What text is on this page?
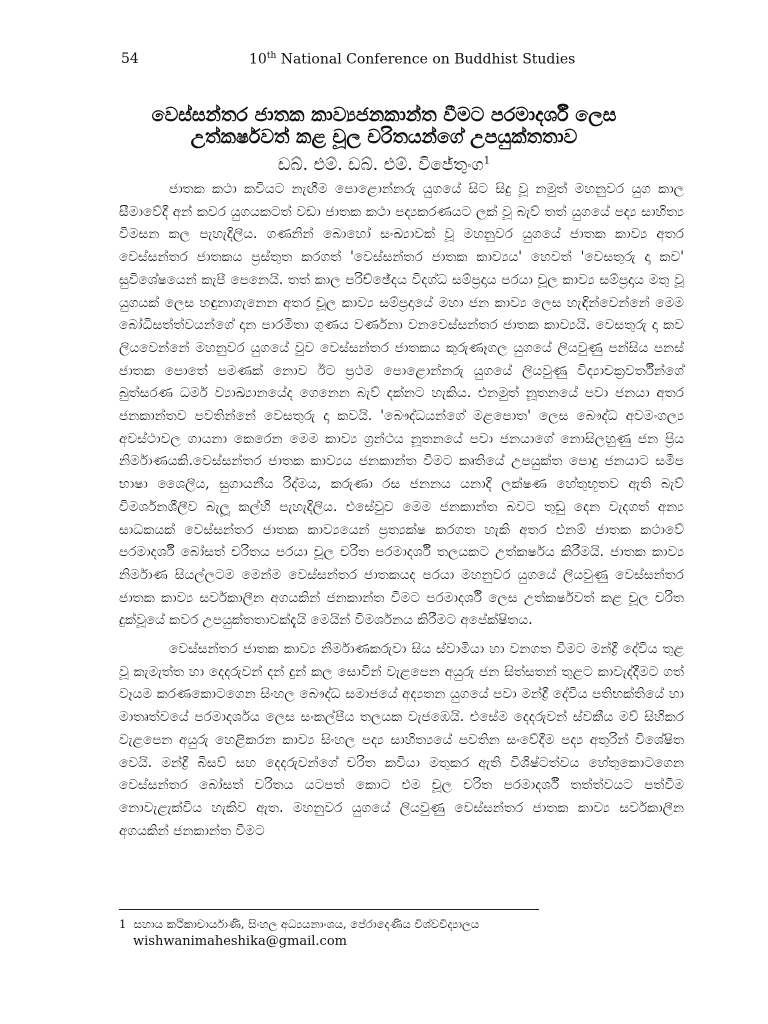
54	10th National Conference on Buddhist Studies
වෙස්සන්තර ජාතක කාව්‍යජනකාන්ත වීමට පරමාදර්ශී ලෙස
උත්කර්ෂවත් කළ චූල චරිතයන්ගේ උපයුක්තතාව
ඩබ්. එම්. ඩබ්. එම්. විජේතුංග$^1$

ජාතක කථා කවියට නැඟීම පොළොන්නරු යුගයේ සිට සිදු වූ නමුත් මහනුවර යුග කාල සීමාවේදී අන් කවර යුගයකටත් වඩා ජාතක කථා පද්‍යකරණයට ලක් වූ බැව් තත් යුගයේ පද්‍ය සාහිත්‍ය විමසන කල පැහැදිලිය. ගණනින් බොහෝ සංඛ්‍යාවක් වූ මහනුවර යුගයේ ජාතක කාව්‍ය අතර වෙස්සන්තර ජාතකය ප්‍රස්තුත කරගත් 'වෙස්සන්තර ජාතක කාව්‍යය' හෙවත් 'වෙසතුරු දා කව' සුවිශේෂයෙන් කැපී පෙනෙයි. තත් කාල පරිච්ඡේදය විදග්ධ සම්ප්‍රදාය පරයා චූල කාව්‍ය සම්ප්‍රදාය මතු වූ යුගයක් ලෙස හඳුනාගැනෙන අතර චූල කාව්‍ය සම්ප්‍රදායේ මහා ජන කාව්‍ය ලෙස හැඳින්වෙන්නේ මෙම බෝධිසත්ත්වයන්ගේ දාන පාරමිතා ගුණය වර්ණනා වනවෙස්සන්තර ජාතක කාව්‍යයි. වෙසතුරු දා කව ලියවෙන්නේ මහනුවර යුගයේ වුව වෙස්සන්තර ජාතකය කුරුණෑගල යුගයේ ලියවුණු පන්සිය පනස් ජාතක පොතේ පමණක් නොව ඊට ප්‍රථම පොළොන්නරු යුගයේ ලියවුණු විද්‍යාචක්‍රවර්තීන්ගේ බුත්සරණ ධර්ම ව්‍යාඛ්‍යානයේද ගෙනෙන බැව් දක්නට හැකිය. එනමුත් නූතනයේ පවා ජනයා අතර ජනකාන්තව පවතින්නේ වෙසතුරු දා කවයි. 'බෞද්ධයන්ගේ මළපොත' ලෙස බෞද්ධ අවමංගල්‍ය අවස්ථාවල ගායනා කෙරෙන මෙම කාව්‍ය ග්‍රන්ථය නූතනයේ පවා ජනයාගේ නොසිලහුණු ජන ප්‍රිය නිර්මාණයකි.වෙස්සන්තර ජාතක කාව්‍යය ජනකාන්ත වීමට කෘතියේ උපයුක්ත පොදු ජනයාට සමීප භාෂා ශෛලිය, සුගායනීය රිද්මය, කරුණා රස ජනනය යනාදි ලක්ෂණ හේතුභූතව ඇති බැව් විමර්ශනශීලීව බැලූ කල්හි පැහැදිලිය. එසේවුව මෙම ජනකාන්ත බවට තුඩු දෙන වැදගත් අන්‍ය සාධකයක් වෙස්සන්තර ජාතක කාව්‍යයෙන් ප්‍රත්‍යක්ෂ කරගත හැකි අතර එනම් ජාතක කථාවේ පරමාදර්ශී බෝසත් චරිතය පරයා චූල චරිත පරමාදර්ශී තලයකට උත්කර්ෂය කිරීමයි. ජාතක කාව්‍ය නිර්මාණ සියල්ලටම මෙන්ම වෙස්සන්තර ජාතකයද පරයා මහනුවර යුගයේ ලියවුණු වෙස්සන්තර ජාතක කාව්‍ය සර්වකාලීන අගයකින් ජනකාන්ත වීමට පරමාදර්ශී ලෙස උත්කර්ෂවත් කළ චූල චරිත දුක්වූයේ කවර උපයුක්තතාවක්දැයි මෙයින් විමර්ශනය කිරීමට අපේක්ෂිතය.

වෙස්සන්තර ජාතක කාව්‍ය නිර්මාණකරුවා සිය ස්වාමියා හා වනගත වීමට මන්ද්‍රී දේවිය තුළ වූ කැමැත්ත හා දෙදරුවන් දන් දුන් කල සොවින් වැළපෙන අයුරු ජන සිත්සතන් තුළට කාවැද්දීමට ගත් වෑයම කරණකොටගෙන සිංහල බෞද්ධ සමාජයේ අද්‍යතන යුගයේ පවා මන්ද්‍රී දේවිය පතිභක්තියේ හා මාතෘත්වයේ පරමාදර්ශය ලෙස සංකල්පීය තලයක වැජඹෙයි. එසේම දෙදරුවන් ස්වකීය මව් සිහිකර වැළපෙන අයුරු හෙළිකරන කාව්‍ය සිංහල පද්‍ය සාහිත්‍යයේ පවතින සංවේදීම පද්‍ය අතුරින් විශේෂිත වෙයි. මන්ද්‍රී බිසව් සහ දෙදරුවන්ගේ චරිත කවියා මතුකර ඇති විශිෂ්ටත්වය හේතුකොටගෙන වෙස්සන්තර බෝසත් චරිතය යටපත් කොට එම චූල චරිත පරමාදර්ශී තත්ත්වයට පත්වීම නොවැළැක්විය හැකිව ඇත. මහනුවර යුගයේ ලියවුණු වෙස්සන්තර ජාතක කාව්‍ය සර්වකාලීන අගයකින් ජනකාන්ත වීමට

1 සහාය කථිකාචාර්යාණි, සිංහල අධ්‍යයනාංශය, පේරාදෙණිය විශ්වවිද්‍යාලය
wishwanimaheshika@gmail.com
